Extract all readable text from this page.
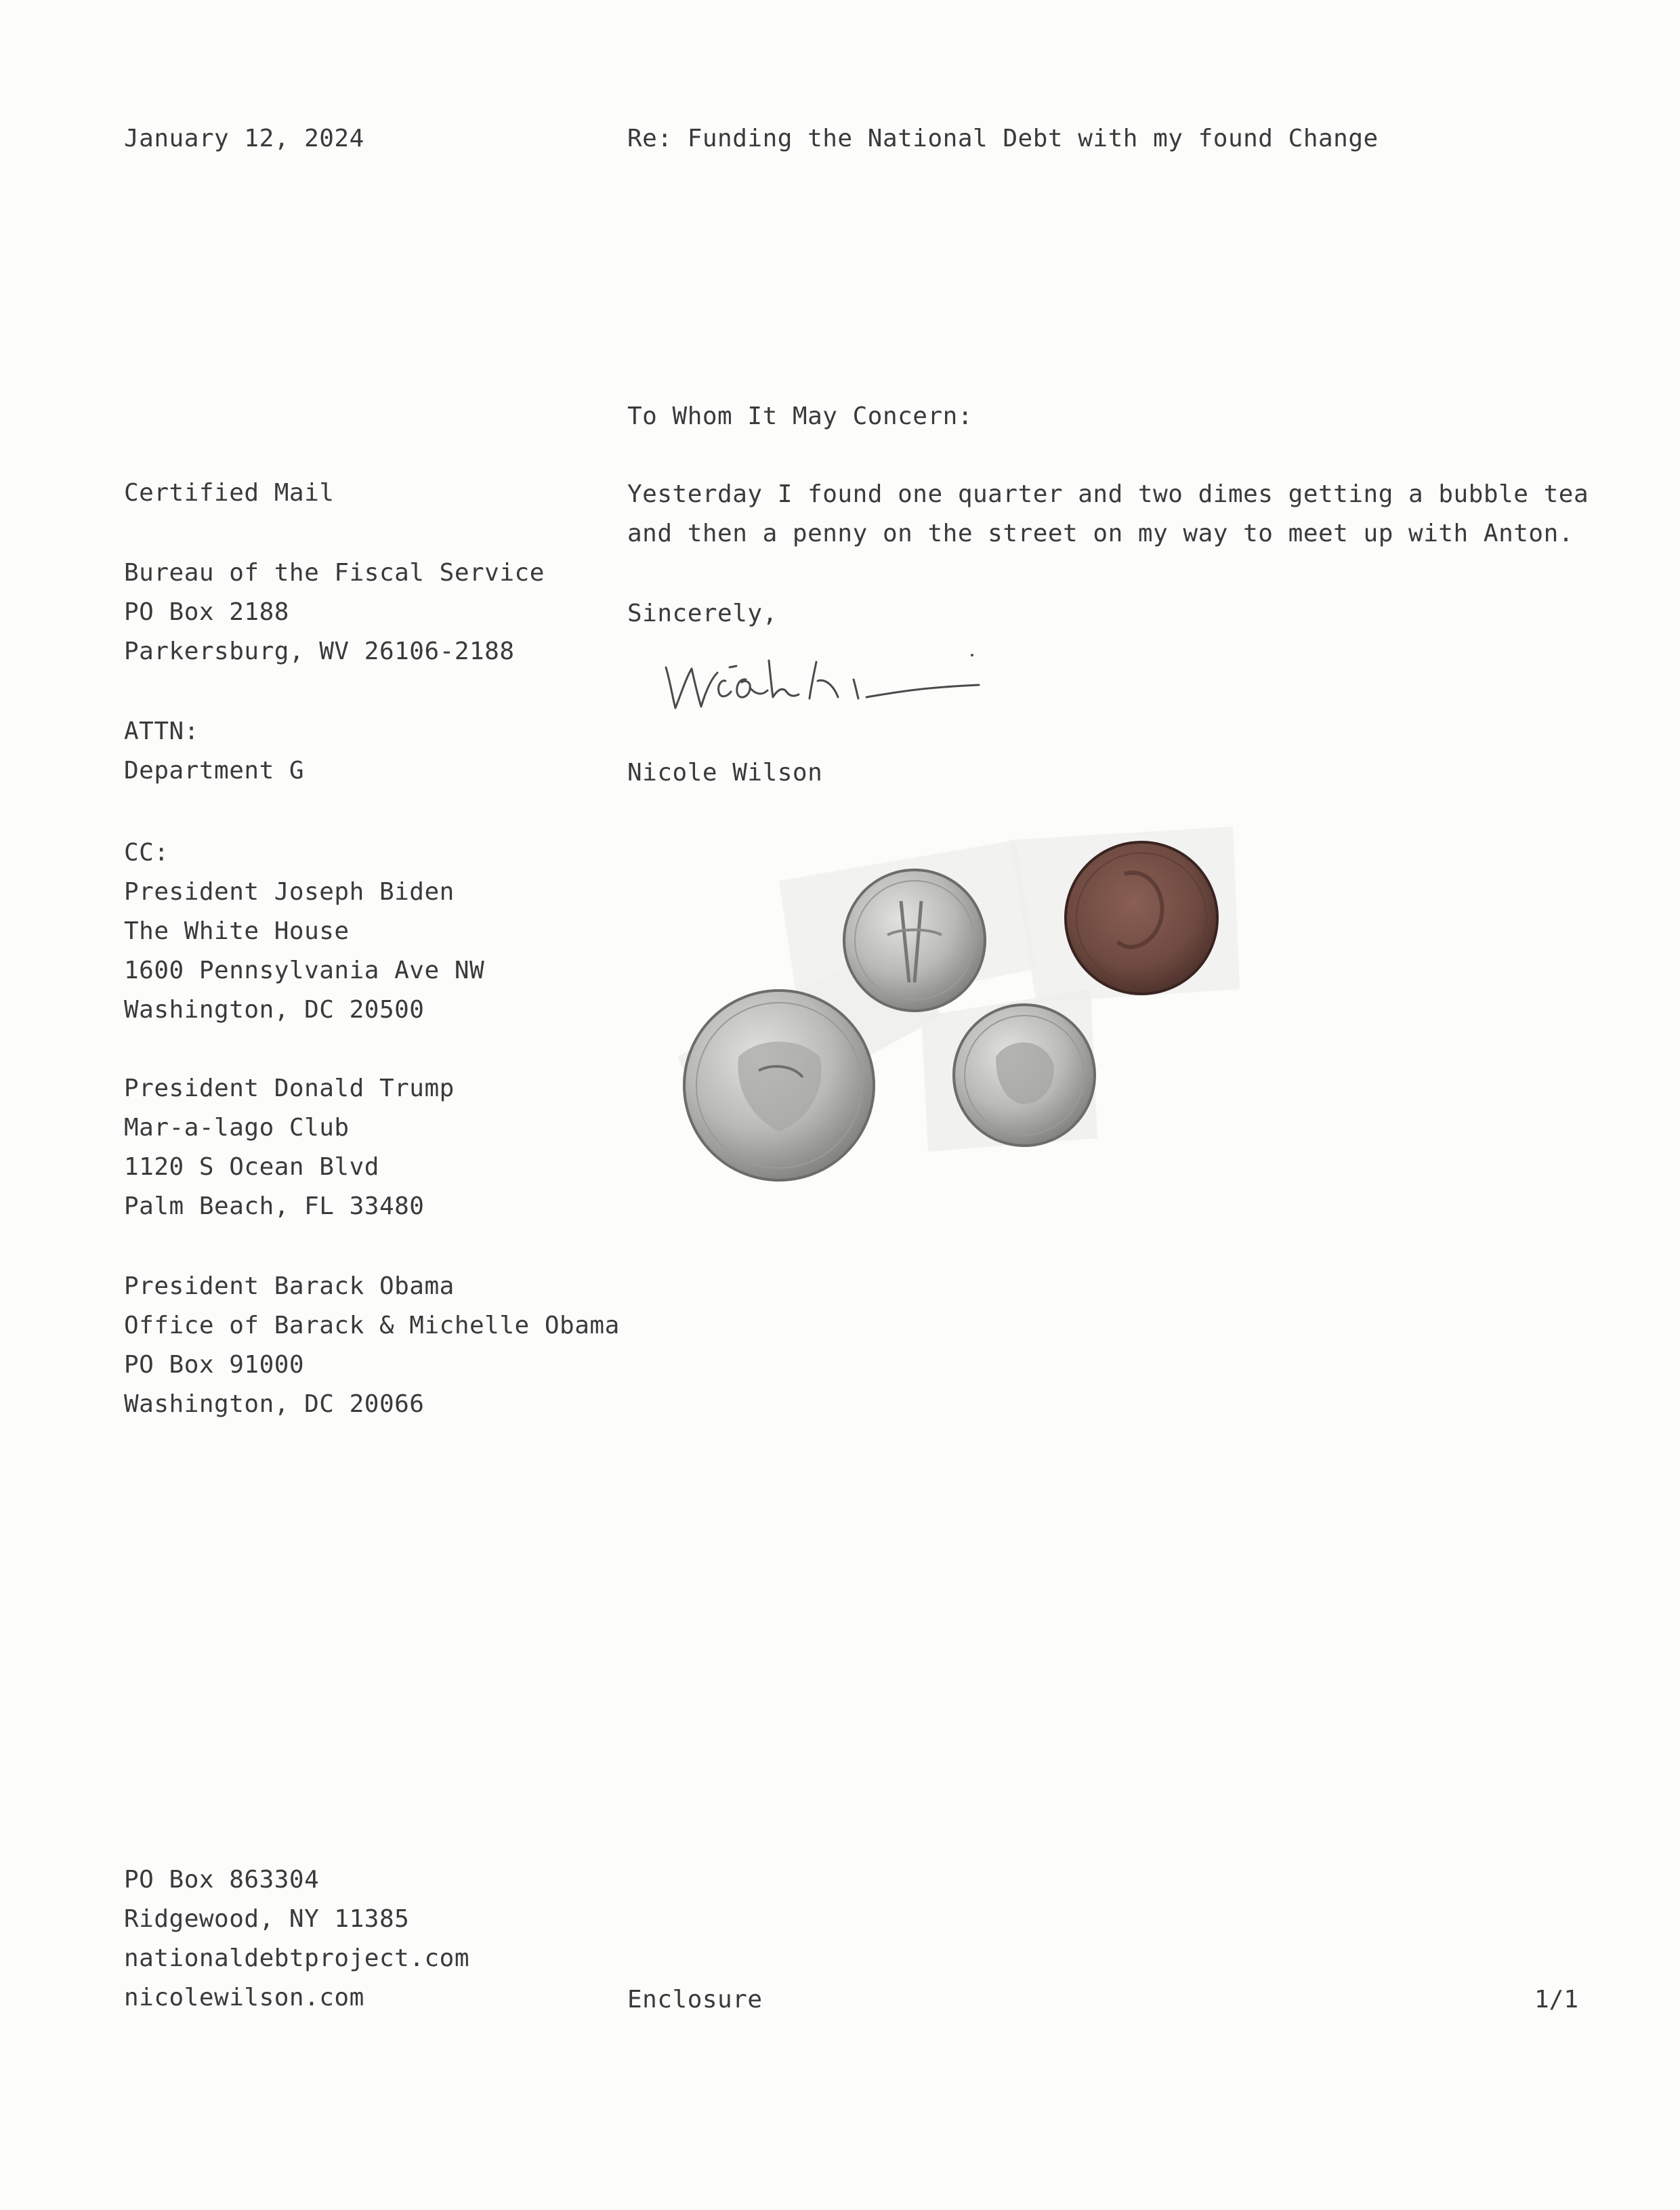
January 12, 2024	Re: Funding the National Debt with my found Change
Certified Mail
Bureau of the Fiscal Service
PO Box 2188
Parkersburg, WV 26106-2188
ATTN:
Department G
CC:
President Joseph Biden
The White House
1600 Pennsylvania Ave NW
Washington, DC 20500
President Donald Trump
Mar-a-lago Club
1120 S Ocean Blvd
Palm Beach, FL 33480
President Barack Obama
Office of Barack & Michelle Obama
PO Box 91000
Washington, DC 20066
To Whom It May Concern:
Yesterday I found one quarter and two dimes getting a bubble tea
and then a penny on the street on my way to meet up with Anton.
Sincerely,
Nicole Wilson
PO Box 863304
Ridgewood, NY 11385
nationaldebtproject.com
nicolewilson.com	Enclosure	1/1
